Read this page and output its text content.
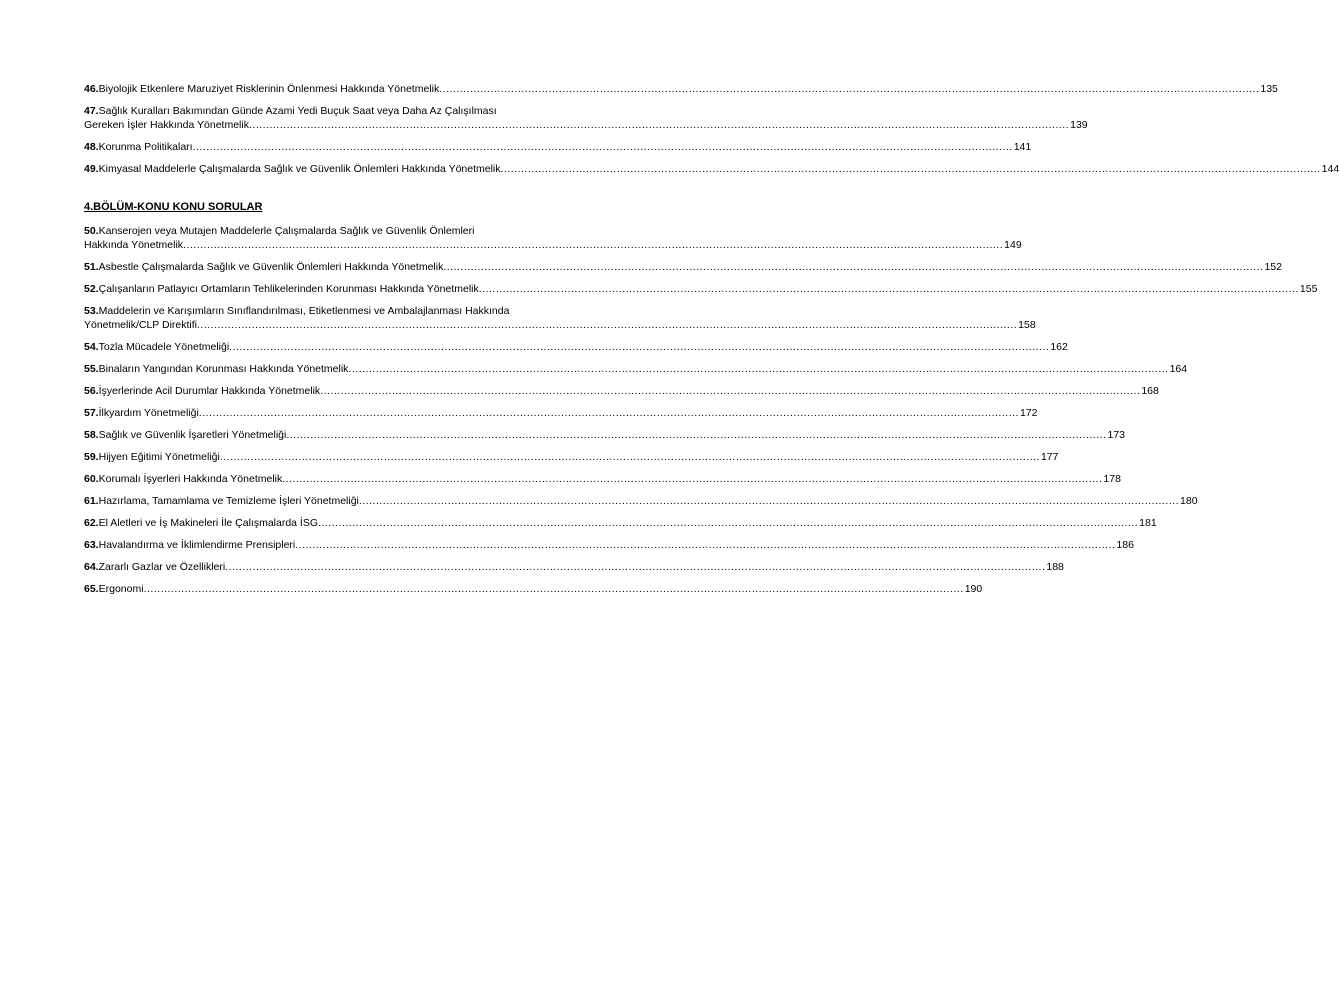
46. Biyolojik Etkenlere Maruziyet Risklerinin Önlenmesi Hakkında Yönetmelik .....	135
47.Sağlık Kuralları Bakımından Günde Azami Yedi Buçuk Saat veya Daha Az Çalışılması
Gereken İşler Hakkında Yönetmelik .....	139
48. Korunma Politikaları .....	141
49. Kimyasal Maddelerle Çalışmalarda Sağlık ve Güvenlik Önlemleri Hakkında Yönetmelik .....	144
4.BÖLÜM-KONU KONU SORULAR
50.Kanserojen veya Mutajen Maddelerle Çalışmalarda Sağlık ve Güvenlik Önlemleri
Hakkında Yönetmelik .....	149
51. Asbestle Çalışmalarda Sağlık ve Güvenlik Önlemleri Hakkında Yönetmelik .....	152
52. Çalışanların Patlayıcı Ortamların Tehlikelerinden Korunması Hakkında Yönetmelik .....	155
53.Maddelerin ve Karışımların Sınıflandırılması, Etiketlenmesi ve Ambalajlanması Hakkında
Yönetmelik/CLP Direktifi .....	158
54. Tozla Mücadele Yönetmeliği .....	162
55. Binaların Yangından Korunması Hakkında Yönetmelik .....	164
56. İşyerlerinde Acil Durumlar Hakkında Yönetmelik .....	168
57. İlkyardım Yönetmeliği .....	172
58. Sağlık ve Güvenlik İşaretleri Yönetmeliği .....	173
59. Hijyen Eğitimi Yönetmeliği .....	177
60. Korumalı İşyerleri Hakkında Yönetmelik .....	178
61. Hazırlama, Tamamlama ve Temizleme İşleri Yönetmeliği .....	180
62. El Aletleri ve İş Makineleri İle Çalışmalarda İSG .....	181
63. Havalandırma ve İklimlendirme Prensipleri .....	186
64. Zararlı Gazlar ve Özellikleri .....	188
65. Ergonomi .....	190
